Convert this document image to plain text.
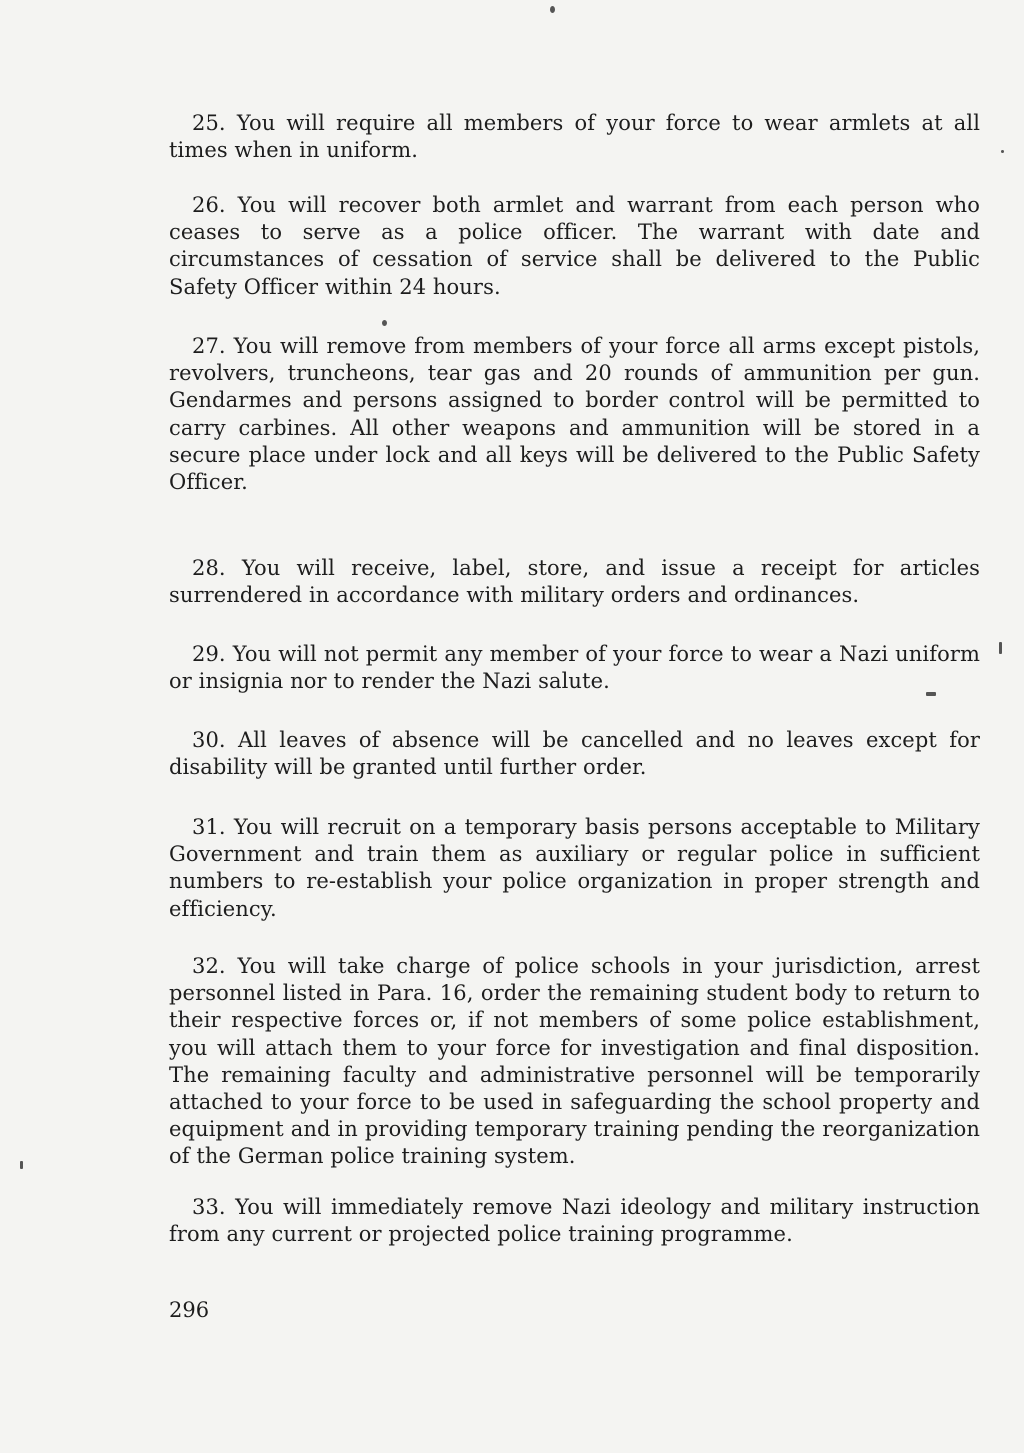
25. You will require all members of your force to wear armlets at all times when in uniform.

26. You will recover both armlet and warrant from each person who ceases to serve as a police officer. The warrant with date and circumstances of cessation of service shall be delivered to the Public Safety Officer within 24 hours.

27. You will remove from members of your force all arms except pistols, revolvers, truncheons, tear gas and 20 rounds of ammunition per gun. Gendarmes and persons assigned to border control will be permitted to carry carbines. All other weapons and ammunition will be stored in a secure place under lock and all keys will be delivered to the Public Safety Officer.

28. You will receive, label, store, and issue a receipt for articles surrendered in accordance with military orders and ordinances.

29. You will not permit any member of your force to wear a Nazi uniform or insignia nor to render the Nazi salute.

30. All leaves of absence will be cancelled and no leaves except for disability will be granted until further order.

31. You will recruit on a temporary basis persons acceptable to Military Government and train them as auxiliary or regular police in sufficient numbers to re-establish your police organization in proper strength and efficiency.

32. You will take charge of police schools in your jurisdiction, arrest personnel listed in Para. 16, order the remaining student body to return to their respective forces or, if not members of some police establishment, you will attach them to your force for investigation and final disposition. The remaining faculty and administrative personnel will be temporarily attached to your force to be used in safeguarding the school property and equipment and in providing temporary training pending the reorganization of the German police training system.

33. You will immediately remove Nazi ideology and military instruction from any current or projected police training programme.

296
